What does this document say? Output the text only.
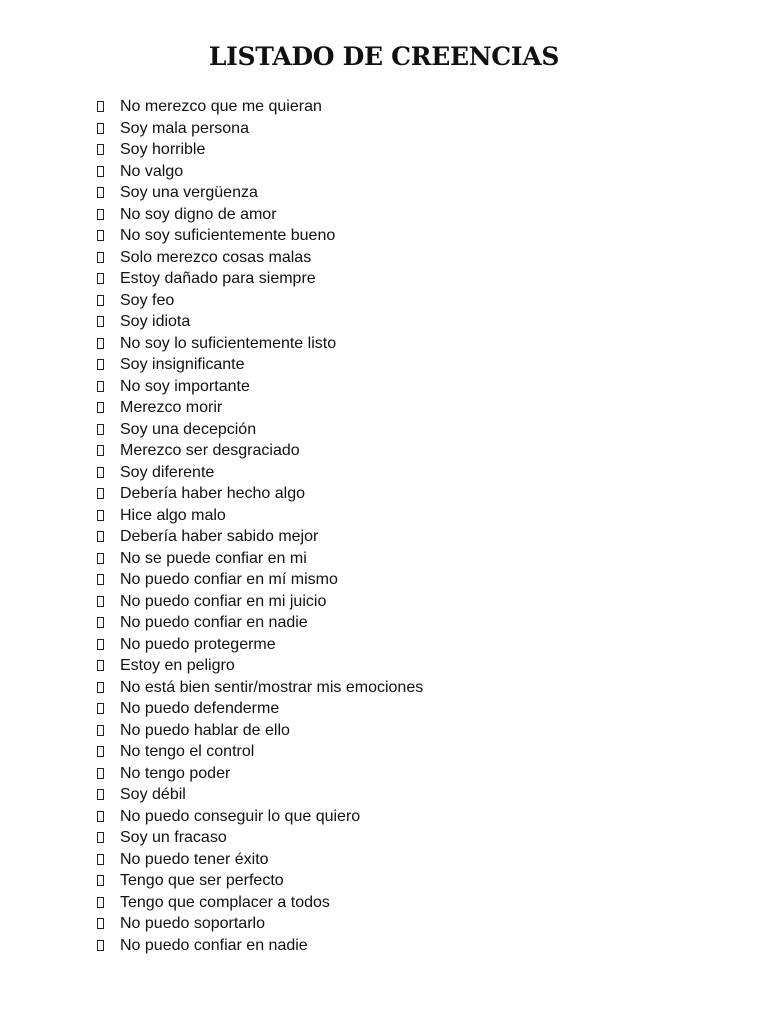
LISTADO DE CREENCIAS
No merezco que me quieran
Soy mala persona
Soy horrible
No valgo
Soy una vergüenza
No soy digno de amor
No soy suficientemente bueno
Solo merezco cosas malas
Estoy dañado para siempre
Soy feo
Soy idiota
No soy lo suficientemente listo
Soy insignificante
No soy importante
Merezco morir
Soy una decepción
Merezco ser desgraciado
Soy diferente
Debería haber hecho algo
Hice algo malo
Debería haber sabido mejor
No se puede confiar en mi
No puedo confiar en mí mismo
No puedo confiar en mi juicio
No puedo confiar en nadie
No puedo protegerme
Estoy en peligro
No está bien sentir/mostrar mis emociones
No puedo defenderme
No puedo hablar de ello
No tengo el control
No tengo poder
Soy débil
No puedo conseguir lo que quiero
Soy un fracaso
No puedo tener éxito
Tengo que ser perfecto
Tengo que complacer a todos
No puedo soportarlo
No puedo confiar en nadie
